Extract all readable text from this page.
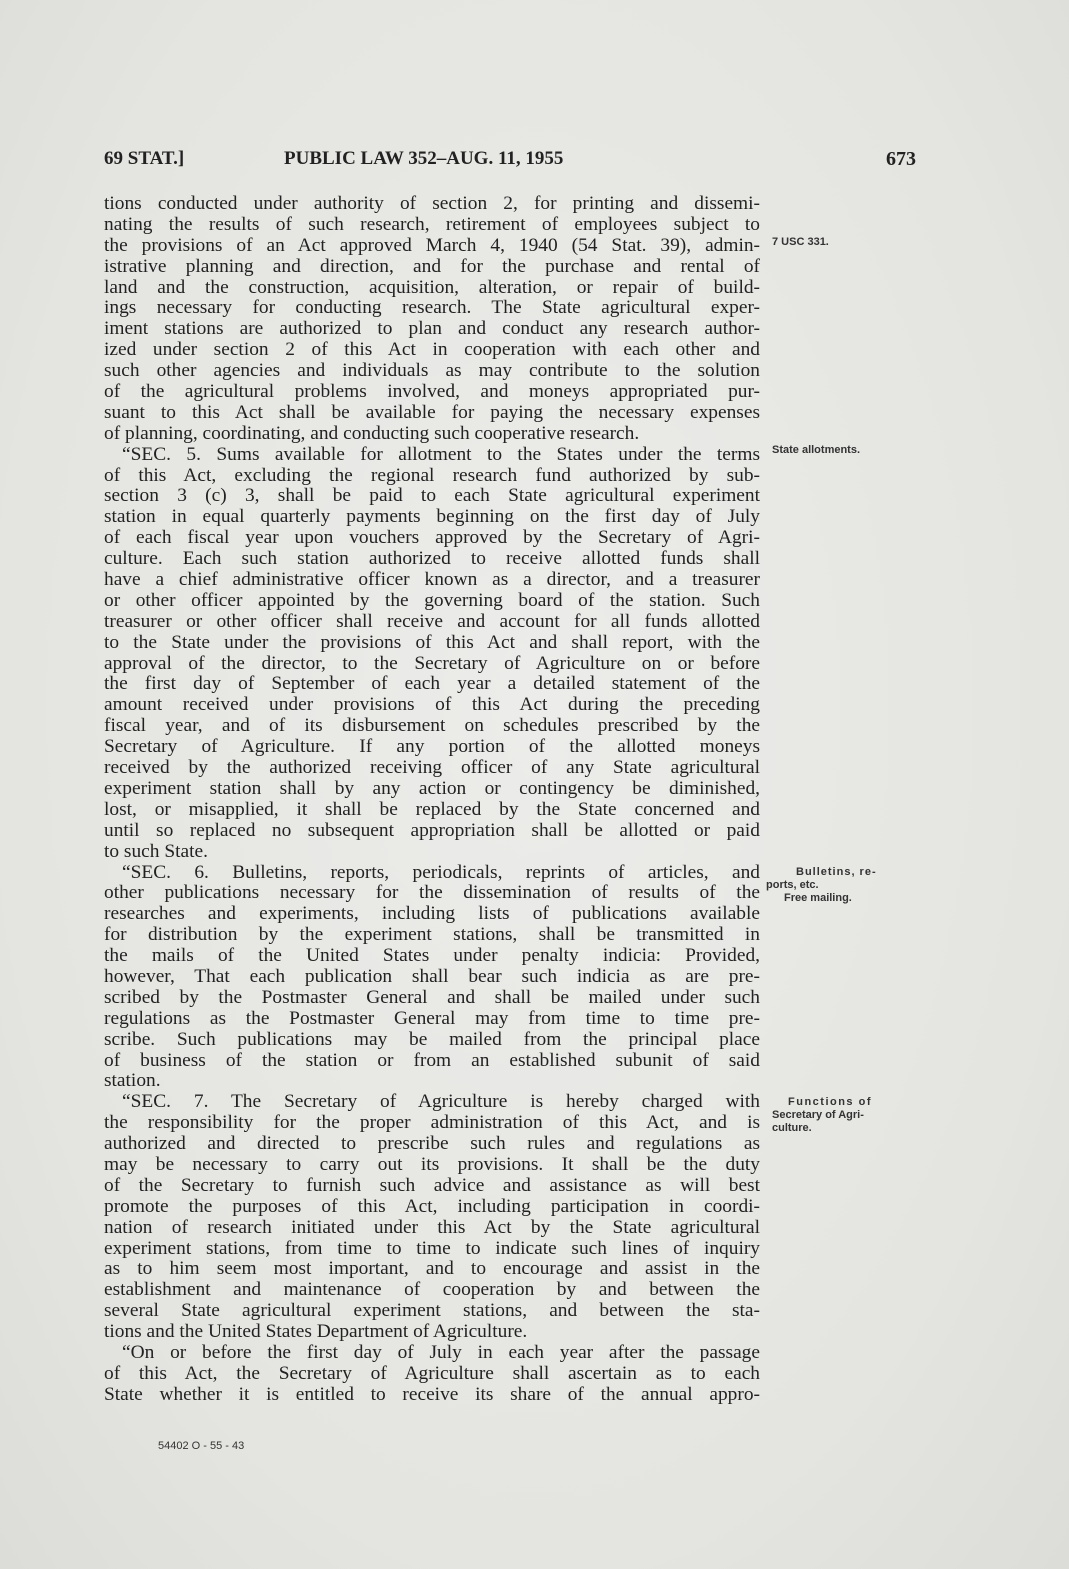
69 STAT.]	PUBLIC LAW 352–AUG. 11, 1955	673
tions conducted under authority of section 2, for printing and dissemi-
nating the results of such research, retirement of employees subject to
the provisions of an Act approved March 4, 1940 (54 Stat. 39), admin-
istrative planning and direction, and for the purchase and rental of
land and the construction, acquisition, alteration, or repair of build-
ings necessary for conducting research. The State agricultural exper-
iment stations are authorized to plan and conduct any research author-
ized under section 2 of this Act in cooperation with each other and
such other agencies and individuals as may contribute to the solution
of the agricultural problems involved, and moneys appropriated pur-
suant to this Act shall be available for paying the necessary expenses
of planning, coordinating, and conducting such cooperative research.
“SEC. 5. Sums available for allotment to the States under the terms
of this Act, excluding the regional research fund authorized by sub-
section 3 (c) 3, shall be paid to each State agricultural experiment
station in equal quarterly payments beginning on the first day of July
of each fiscal year upon vouchers approved by the Secretary of Agri-
culture. Each such station authorized to receive allotted funds shall
have a chief administrative officer known as a director, and a treasurer
or other officer appointed by the governing board of the station. Such
treasurer or other officer shall receive and account for all funds allotted
to the State under the provisions of this Act and shall report, with the
approval of the director, to the Secretary of Agriculture on or before
the first day of September of each year a detailed statement of the
amount received under provisions of this Act during the preceding
fiscal year, and of its disbursement on schedules prescribed by the
Secretary of Agriculture. If any portion of the allotted moneys
received by the authorized receiving officer of any State agricultural
experiment station shall by any action or contingency be diminished,
lost, or misapplied, it shall be replaced by the State concerned and
until so replaced no subsequent appropriation shall be allotted or paid
to such State.
“SEC. 6. Bulletins, reports, periodicals, reprints of articles, and
other publications necessary for the dissemination of results of the
researches and experiments, including lists of publications available
for distribution by the experiment stations, shall be transmitted in
the mails of the United States under penalty indicia: Provided,
however, That each publication shall bear such indicia as are pre-
scribed by the Postmaster General and shall be mailed under such
regulations as the Postmaster General may from time to time pre-
scribe. Such publications may be mailed from the principal place
of business of the station or from an established subunit of said
station.
“SEC. 7. The Secretary of Agriculture is hereby charged with
the responsibility for the proper administration of this Act, and is
authorized and directed to prescribe such rules and regulations as
may be necessary to carry out its provisions. It shall be the duty
of the Secretary to furnish such advice and assistance as will best
promote the purposes of this Act, including participation in coordi-
nation of research initiated under this Act by the State agricultural
experiment stations, from time to time to indicate such lines of inquiry
as to him seem most important, and to encourage and assist in the
establishment and maintenance of cooperation by and between the
several State agricultural experiment stations, and between the sta-
tions and the United States Department of Agriculture.
“On or before the first day of July in each year after the passage
of this Act, the Secretary of Agriculture shall ascertain as to each
State whether it is entitled to receive its share of the annual appro-
7 USC 331.
State allotments.
Bulletins, re-
ports, etc.
Free mailing.
Functions of
Secretary of Agri-
culture.
54402 O - 55 - 43
